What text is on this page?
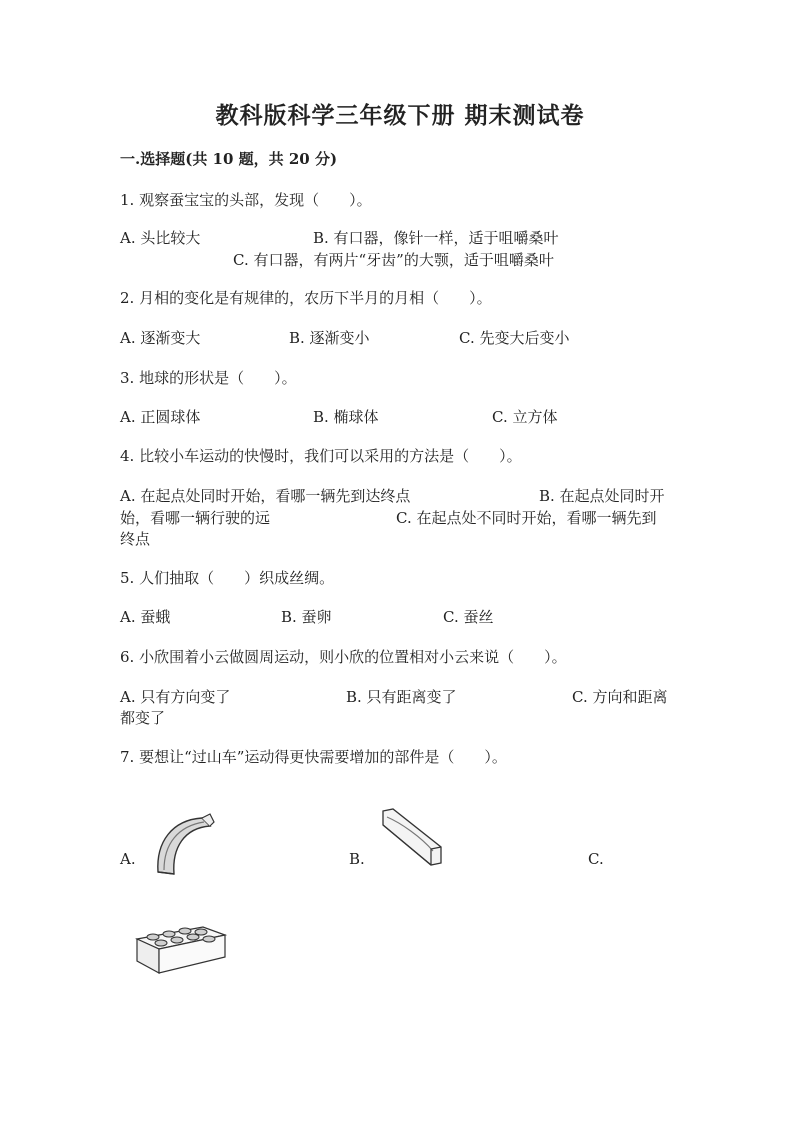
教科版科学三年级下册 期末测试卷
一.选择题(共 10 题，共 20 分)
1. 观察蚕宝宝的头部，发现（　　）。
A. 头比较大	B. 有口器，像针一样，适于咀嚼桑叶
C. 有口器，有两片“牙齿”的大颚，适于咀嚼桑叶
2. 月相的变化是有规律的，农历下半月的月相（　　）。
A. 逐渐变大	B. 逐渐变小	C. 先变大后变小
3. 地球的形状是（　　）。
A. 正圆球体	B. 椭球体	C. 立方体
4. 比较小车运动的快慢时，我们可以采用的方法是（　　）。
A. 在起点处同时开始，看哪一辆先到达终点	B. 在起点处同时开
始，看哪一辆行驶的远	C. 在起点处不同时开始，看哪一辆先到
终点
5. 人们抽取（　　）织成丝绸。
A. 蚕蛾	B. 蚕卵	C. 蚕丝
6. 小欣围着小云做圆周运动，则小欣的位置相对小云来说（　　）。
A. 只有方向变了	B. 只有距离变了	C. 方向和距离
都变了
7. 要想让“过山车”运动得更快需要增加的部件是（　　）。
A.	B.	C.
